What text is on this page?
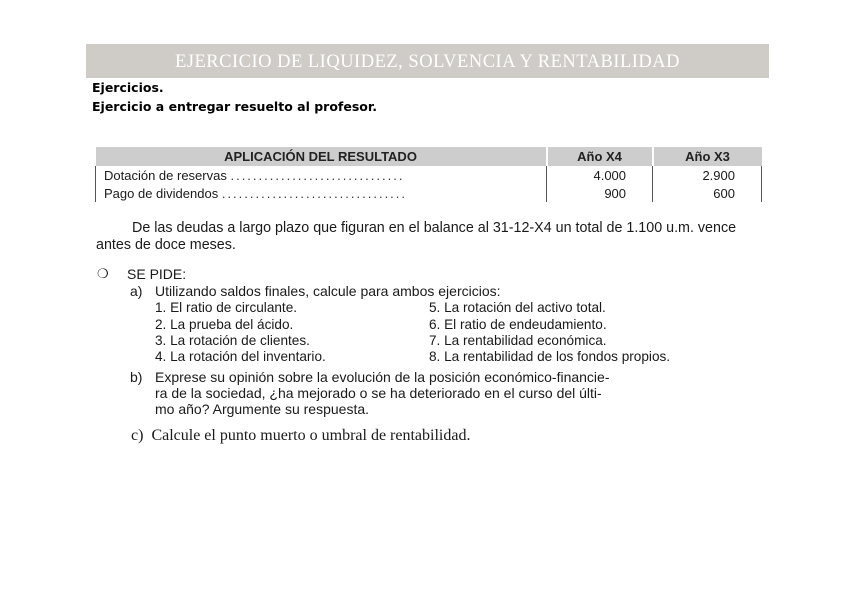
EJERCICIO DE LIQUIDEZ, SOLVENCIA Y RENTABILIDAD
Ejercicios.
Ejercicio a entregar resuelto al profesor.
APLICACIÓN DEL RESULTADO	Año X4	Año X3
Dotación de reservas ...............................	4.000	2.900
Pago de dividendos .................................	900	600
De las deudas a largo plazo que figuran en el balance al 31-12-X4 un total de 1.100 u.m. vence antes de doce meses.
❍ SE PIDE:
a) Utilizando saldos finales, calcule para ambos ejercicios:
1. El ratio de circulante.
2. La prueba del ácido.
3. La rotación de clientes.
4. La rotación del inventario.
5. La rotación del activo total.
6. El ratio de endeudamiento.
7. La rentabilidad económica.
8. La rentabilidad de los fondos propios.
b) Exprese su opinión sobre la evolución de la posición económico-financie-
ra de la sociedad, ¿ha mejorado o se ha deteriorado en el curso del últi-
mo año? Argumente su respuesta.
c) Calcule el punto muerto o umbral de rentabilidad.
